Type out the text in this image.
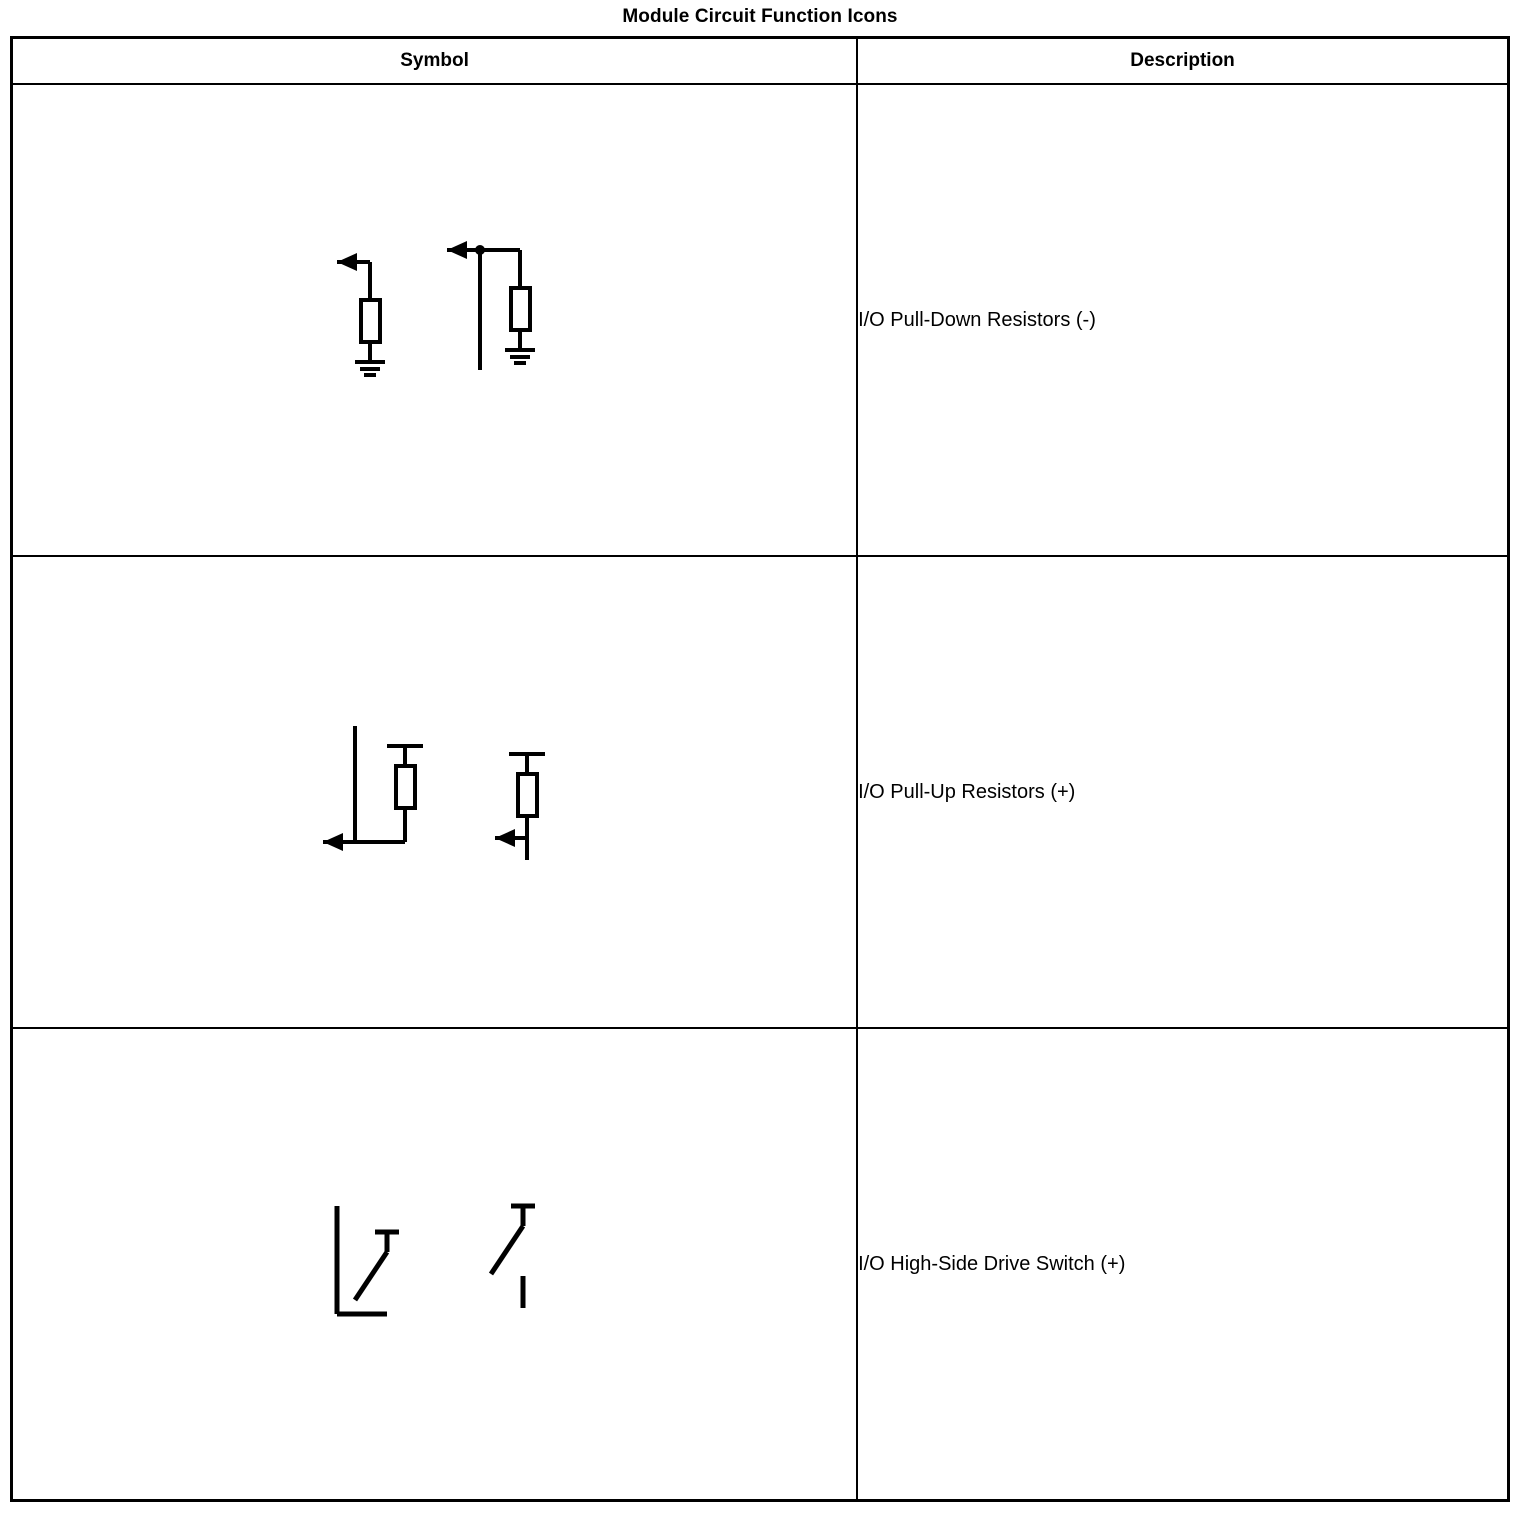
Module Circuit Function Icons
Symbol	Description

	I/O Pull-Down Resistors (-)

	I/O Pull-Up Resistors (+)

	I/O High-Side Drive Switch (+)
